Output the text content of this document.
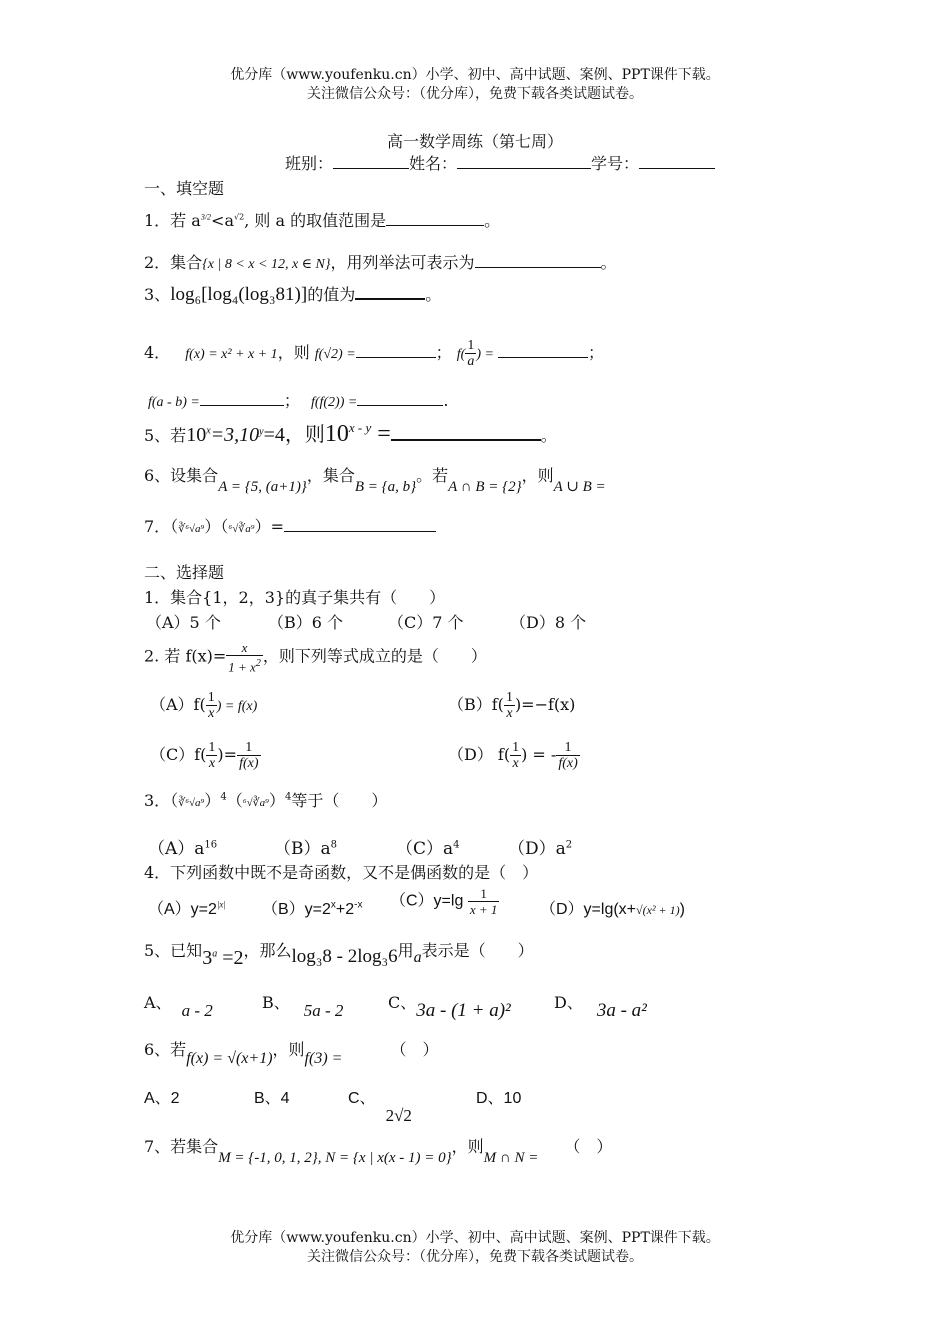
优分库（www.youfenku.cn）小学、初中、高中试题、案例、PPT课件下载。
关注微信公众号：（优分库），免费下载各类试题试卷。
高一数学周练（第七周）
班别：	姓名：	学号：
一、填空题
1．若 $a^{3/2}<a^{√2}$, 则 a 的取值范围是	。
2．集合{x | 8 < x < 12, x ∈ N}，用列举法可表示为	。
3、log₆[log₄(log₃81)]的值为	。
4． f(x) = x² + x + 1，则 f(√2) =	； $f( \frac{1}{a}$ ) =	；
f(a - b) =	； f(f(2)) =	.
5、若$10^x=3,10^y=4$，则$10^{x - y}$ =	。
6、设集合A = {5, (a+1)}，集合B = {a, b}。若A ∩ B = {2}，则A ∪ B =
7．（∛⁶√a⁹）（⁶√∛a⁹）=
二、选择题
1．集合{1，2，3}的真子集共有（　　）
（A）5 个	（B）6 个	（C）7 个	（D）8 个
2. 若 $f(x)= \frac{x}{1 + x^2}$ ，则下列等式成立的是（　　）
$(A)f( \frac{1}{x}$ ) = f(x)	$(B)f( \frac{1}{x} )=-f(x)$
$(C)f( \frac{1}{x}$ )= $\frac{1}{f(x)}$	（D） $f( \frac{1}{x}$ ) = - $\frac{1}{f(x)}$
3．（∛⁶√a⁹）$^4$（⁶√∛a⁹）$^4$等于（　　）
$(A)a^{16}$	$(B)a^8$	$(C)a^4$	$(D)a^2$
4．下列函数中既不是奇函数，又不是偶函数的是（　）
$(A)y=2^{|x|}$ $(B)y=2^x+2^{-x}$ $(C)y=\lg \frac{1}{x + 1}$	（D）y=lg(x+√(x² + 1))
5、已知$3^a =2$，那么log₃8 - 2log₃6用a表示是（　　）
A、 a - 2	B、 5a - 2	C、3a - (1 + a)²	D、 3a - a²
6、若f(x) = √(x+1)，则f(3) =	（　）
A、2	B、4	C、2√2
D、10
7、若集合M = {-1, 0, 1, 2}, N = {x | x(x - 1) = 0}，则M ∩ N =（　）
优分库（www.youfenku.cn）小学、初中、高中试题、案例、PPT课件下载。
关注微信公众号：（优分库），免费下载各类试题试卷。
